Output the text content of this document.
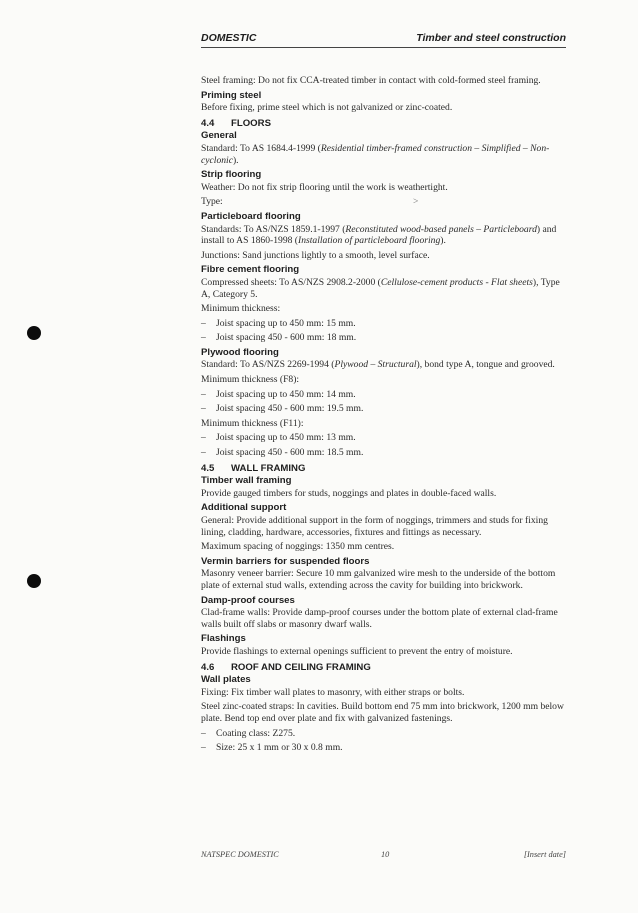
DOMESTIC	Timber and steel construction

Steel framing: Do not fix CCA-treated timber in contact with cold-formed steel framing.

Priming steel

Before fixing, prime steel which is not galvanized or zinc-coated.

4.4 FLOORS
General

Standard: To AS 1684.4-1999 (Residential timber-framed construction – Simplified – Non-cyclonic).

Strip flooring

Weather: Do not fix strip flooring until the work is weathertight.

Type:	>
Particleboard flooring

Standards: To AS/NZS 1859.1-1997 (Reconstituted wood-based panels – Particleboard) and install to AS 1860-1998 (Installation of particleboard flooring).

Junctions: Sand junctions lightly to a smooth, level surface.

Fibre cement flooring

Compressed sheets: To AS/NZS 2908.2-2000 (Cellulose-cement products - Flat sheets), Type A, Category 5.

Minimum thickness:

– Joist spacing up to 450 mm: 15 mm.
– Joist spacing 450 - 600 mm: 18 mm.
Plywood flooring

Standard: To AS/NZS 2269-1994 (Plywood – Structural), bond type A, tongue and grooved.

Minimum thickness (F8):

– Joist spacing up to 450 mm: 14 mm.
– Joist spacing 450 - 600 mm: 19.5 mm.

Minimum thickness (F11):

– Joist spacing up to 450 mm: 13 mm.
– Joist spacing 450 - 600 mm: 18.5 mm.
4.5 WALL FRAMING
Timber wall framing

Provide gauged timbers for studs, noggings and plates in double-faced walls.

Additional support

General: Provide additional support in the form of noggings, trimmers and studs for fixing lining, cladding, hardware, accessories, fixtures and fittings as necessary.

Maximum spacing of noggings: 1350 mm centres.

Vermin barriers for suspended floors

Masonry veneer barrier: Secure 10 mm galvanized wire mesh to the underside of the bottom plate of external stud walls, extending across the cavity for building into brickwork.

Damp-proof courses

Clad-frame walls: Provide damp-proof courses under the bottom plate of external clad-frame walls built off slabs or masonry dwarf walls.

Flashings

Provide flashings to external openings sufficient to prevent the entry of moisture.

4.6 ROOF AND CEILING FRAMING
Wall plates

Fixing: Fix timber wall plates to masonry, with either straps or bolts.

Steel zinc-coated straps: In cavities. Build bottom end 75 mm into brickwork, 1200 mm below plate. Bend top end over plate and fix with galvanized fastenings.

– Coating class: Z275.
– Size: 25 x 1 mm or 30 x 0.8 mm.
NATSPEC DOMESTIC	10	[Insert date]
